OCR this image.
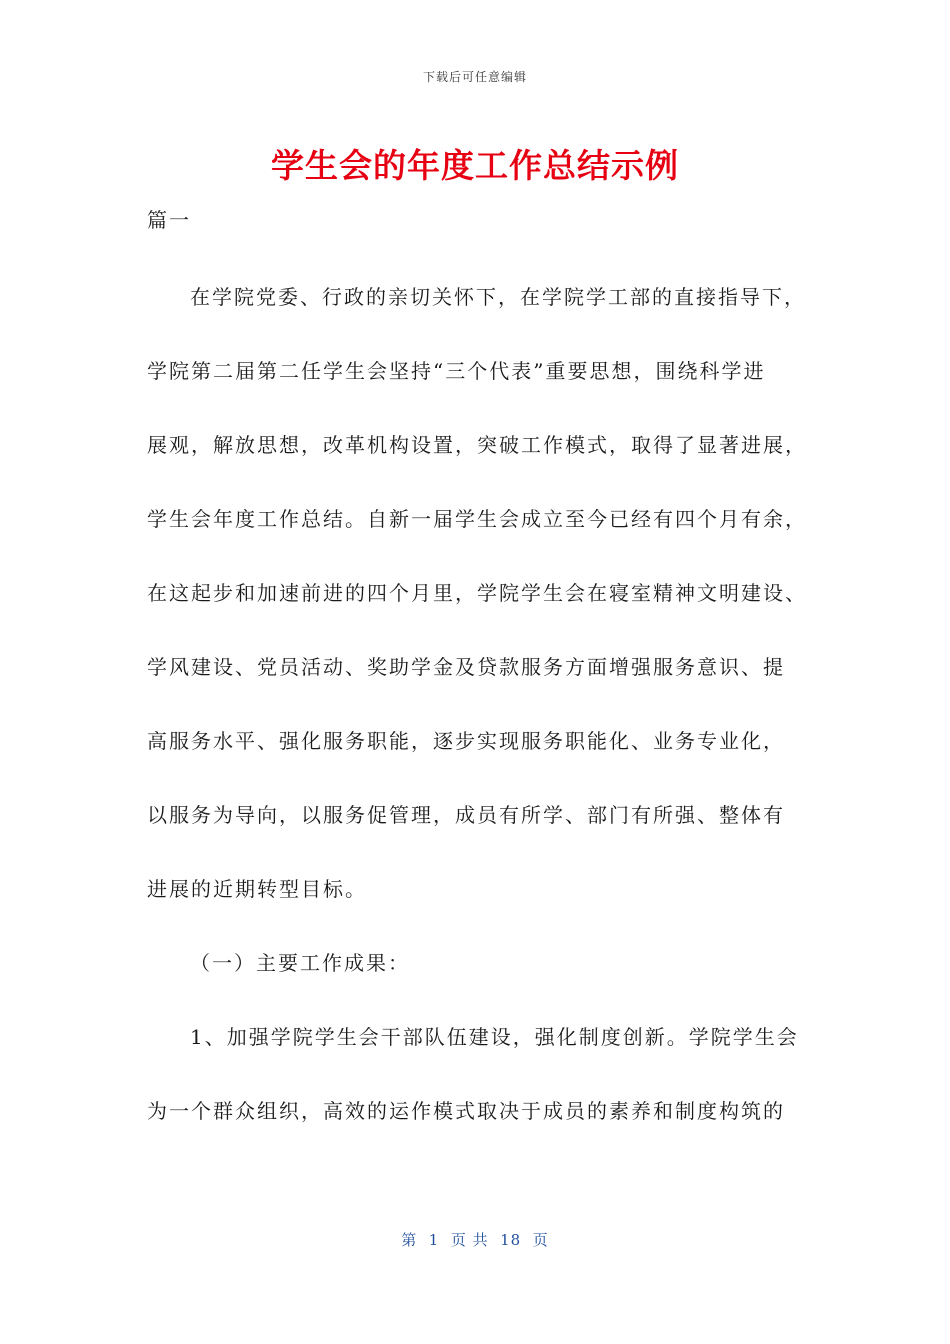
下载后可任意编辑
学生会的年度工作总结示例
篇一
在学院党委、行政的亲切关怀下，在学院学工部的直接指导下，
学院第二届第二任学生会坚持“三个代表”重要思想，围绕科学进
展观，解放思想，改革机构设置，突破工作模式，取得了显著进展，
学生会年度工作总结。自新一届学生会成立至今已经有四个月有余，
在这起步和加速前进的四个月里，学院学生会在寝室精神文明建设、
学风建设、党员活动、奖助学金及贷款服务方面增强服务意识、提
高服务水平、强化服务职能，逐步实现服务职能化、业务专业化，
以服务为导向，以服务促管理，成员有所学、部门有所强、整体有
进展的近期转型目标。
（一）主要工作成果：
1、加强学院学生会干部队伍建设，强化制度创新。学院学生会
为一个群众组织，高效的运作模式取决于成员的素养和制度构筑的
第  1  页 共  18  页
